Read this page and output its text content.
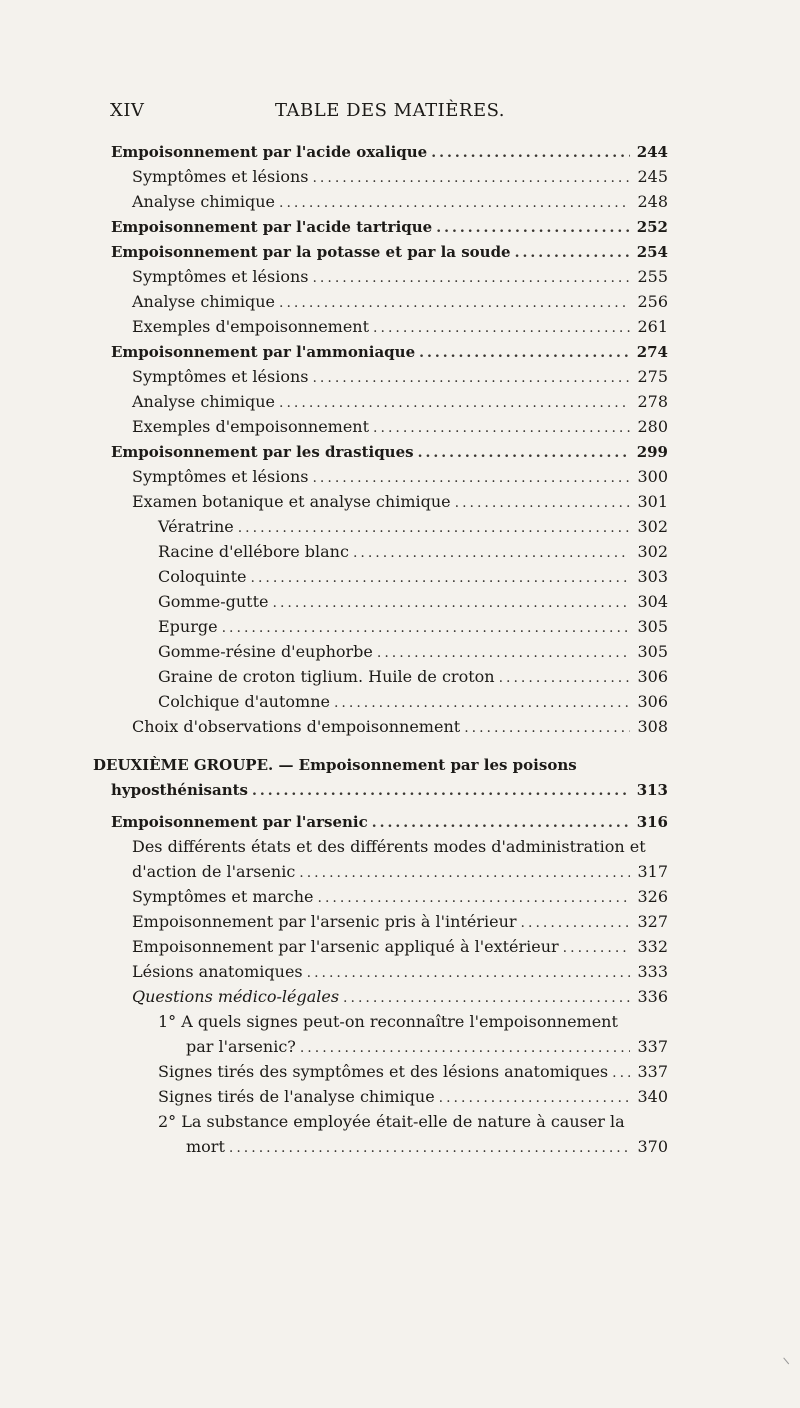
XIV	TABLE DES MATIÈRES.
Empoisonnement par l'acide oxalique .....	244
Symptômes et lésions .....	245
Analyse chimique .....	248
Empoisonnement par l'acide tartrique .....	252
Empoisonnement par la potasse et par la soude .....	254
Symptômes et lésions .....	255
Analyse chimique .....	256
Exemples d'empoisonnement .....	261
Empoisonnement par l'ammoniaque .....	274
Symptômes et lésions .....	275
Analyse chimique .....	278
Exemples d'empoisonnement .....	280
Empoisonnement par les drastiques .....	299
Symptômes et lésions .....	300
Examen botanique et analyse chimique .....	301
Vératrine .....	302
Racine d'ellébore blanc .....	302
Coloquinte .....	303
Gomme-gutte .....	304
Epurge .....	305
Gomme-résine d'euphorbe .....	305
Graine de croton tiglium. Huile de croton .....	306
Colchique d'automne .....	306
Choix d'observations d'empoisonnement .....	308
DEUXIÈME GROUPE. — Empoisonnement par les poisons
hyposthénisants .....	313
Empoisonnement par l'arsenic .....	316
Des différents états et des différents modes d'administration et
d'action de l'arsenic .....	317
Symptômes et marche .....	326
Empoisonnement par l'arsenic pris à l'intérieur .....	327
Empoisonnement par l'arsenic appliqué à l'extérieur .....	332
Lésions anatomiques .....	333
Questions médico-légales .....	336
1° A quels signes peut-on reconnaître l'empoisonnement
par l'arsenic? .....	337
Signes tirés des symptômes et des lésions anatomiques ..... 337
Signes tirés de l'analyse chimique .....	340
2° La substance employée était-elle de nature à causer la
mort .....	370
